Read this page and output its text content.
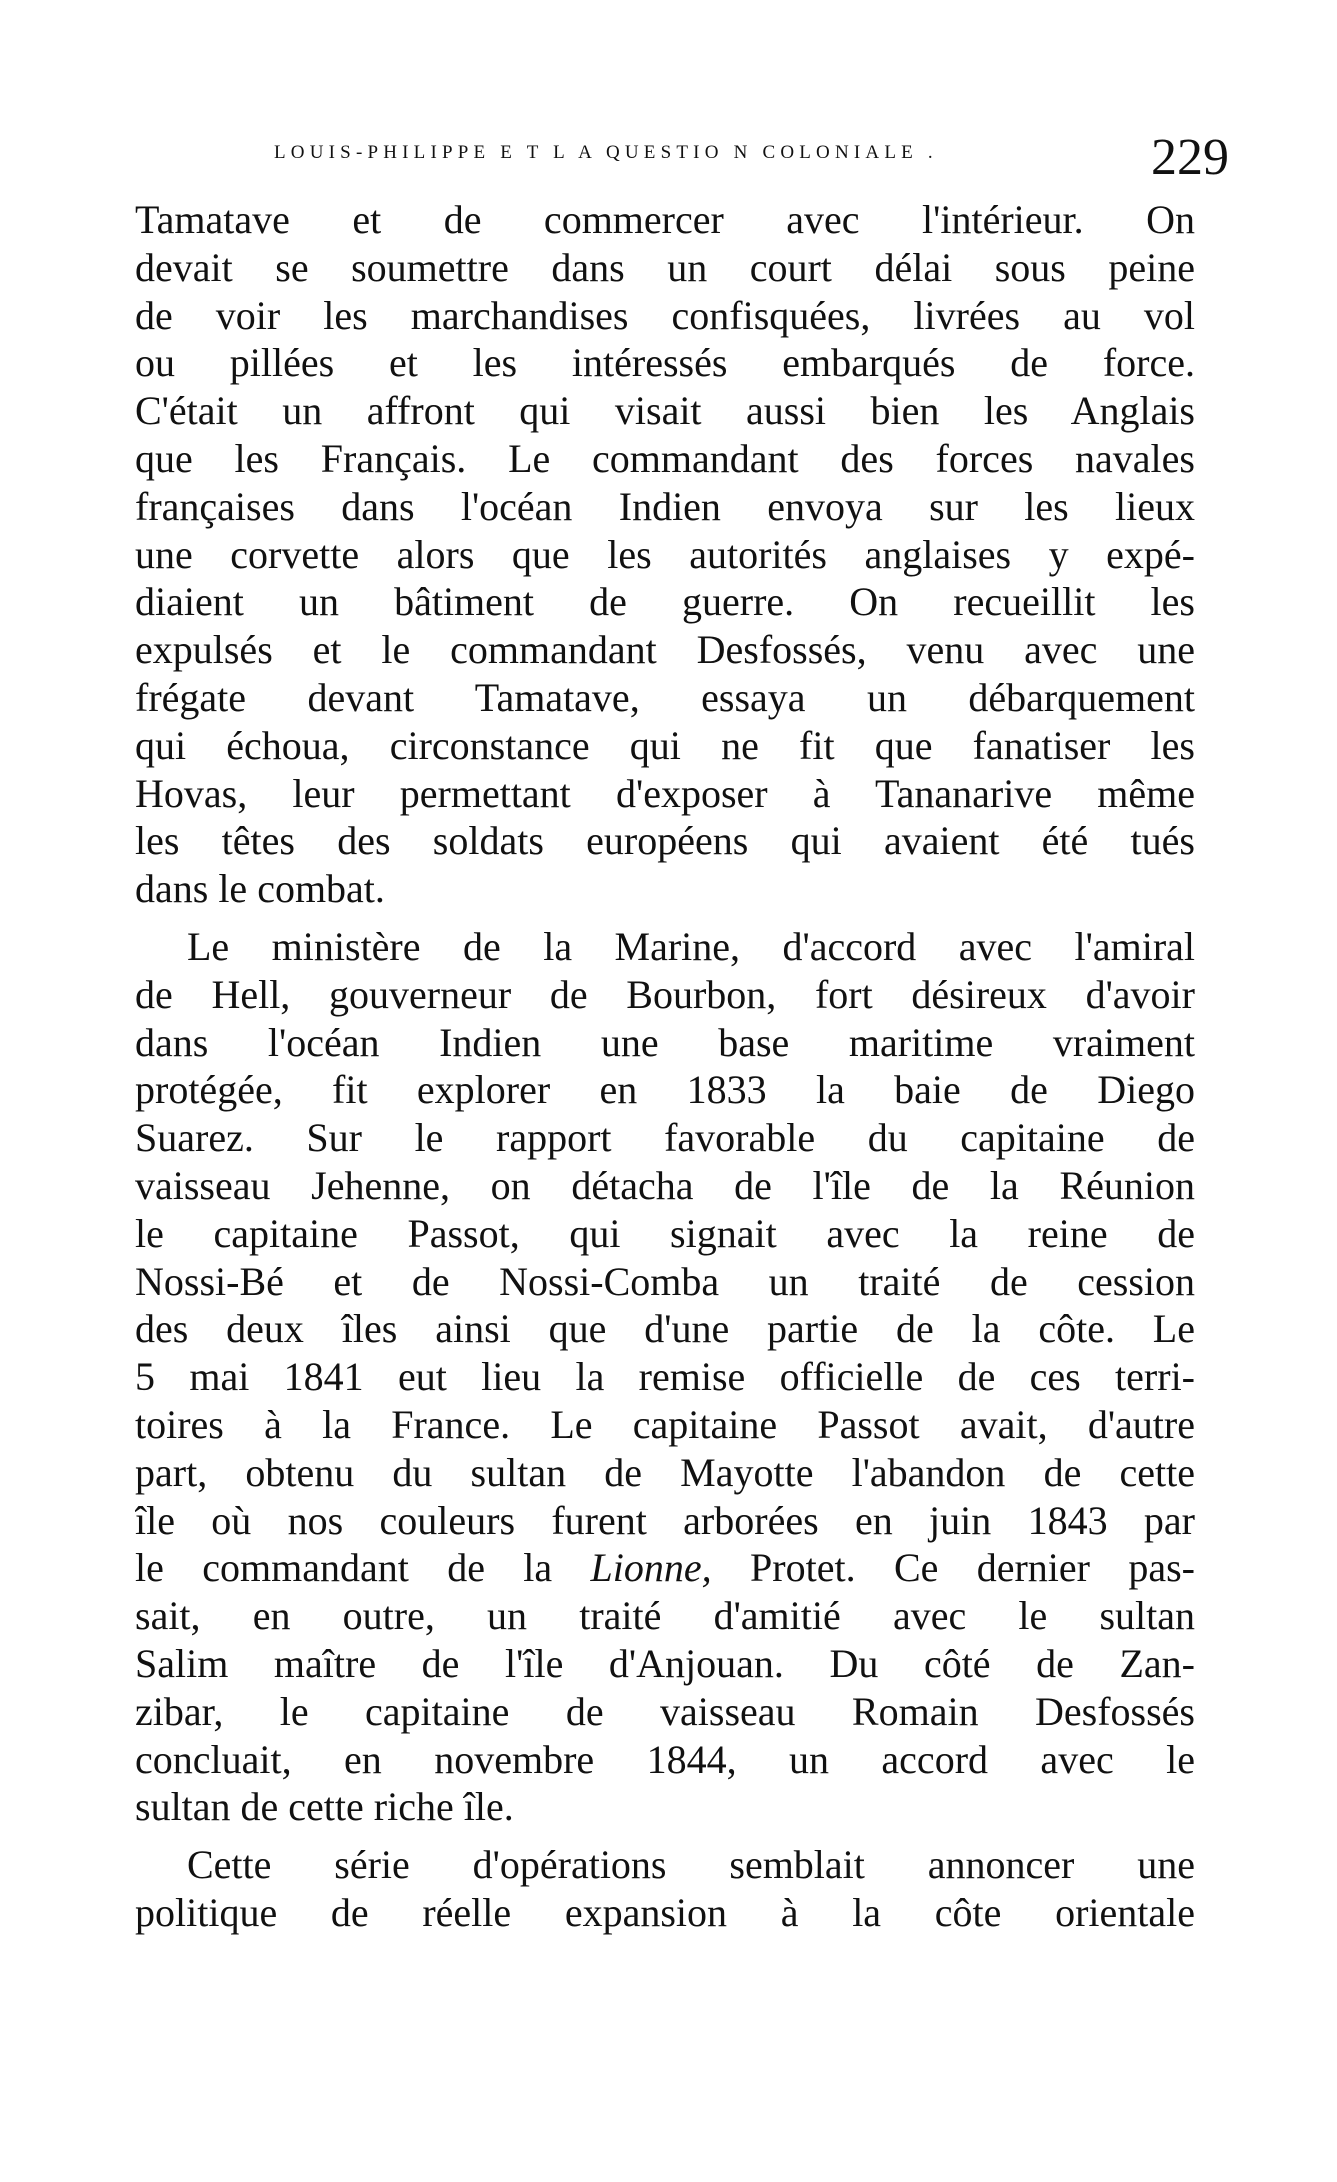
LOUIS-PHILIPPE E T L A QUESTIO N COLONIALE .	229
Tamatave et de commercer avec l'intérieur. On
devait se soumettre dans un court délai sous peine
de voir les marchandises confisquées, livrées au vol
ou pillées et les intéressés embarqués de force.
C'était un affront qui visait aussi bien les Anglais
que les Français. Le commandant des forces navales
françaises dans l'océan Indien envoya sur les lieux
une corvette alors que les autorités anglaises y expé-
diaient un bâtiment de guerre. On recueillit les
expulsés et le commandant Desfossés, venu avec une
frégate devant Tamatave, essaya un débarquement
qui échoua, circonstance qui ne fit que fanatiser les
Hovas, leur permettant d'exposer à Tananarive même
les têtes des soldats européens qui avaient été tués
dans le combat.
Le ministère de la Marine, d'accord avec l'amiral
de Hell, gouverneur de Bourbon, fort désireux d'avoir
dans l'océan Indien une base maritime vraiment
protégée, fit explorer en 1833 la baie de Diego
Suarez. Sur le rapport favorable du capitaine de
vaisseau Jehenne, on détacha de l'île de la Réunion
le capitaine Passot, qui signait avec la reine de
Nossi-Bé et de Nossi-Comba un traité de cession
des deux îles ainsi que d'une partie de la côte. Le
5 mai 1841 eut lieu la remise officielle de ces terri-
toires à la France. Le capitaine Passot avait, d'autre
part, obtenu du sultan de Mayotte l'abandon de cette
île où nos couleurs furent arborées en juin 1843 par
le commandant de la Lionne, Protet. Ce dernier pas-
sait, en outre, un traité d'amitié avec le sultan
Salim maître de l'île d'Anjouan. Du côté de Zan-
zibar, le capitaine de vaisseau Romain Desfossés
concluait, en novembre 1844, un accord avec le
sultan de cette riche île.
Cette série d'opérations semblait annoncer une
politique de réelle expansion à la côte orientale
